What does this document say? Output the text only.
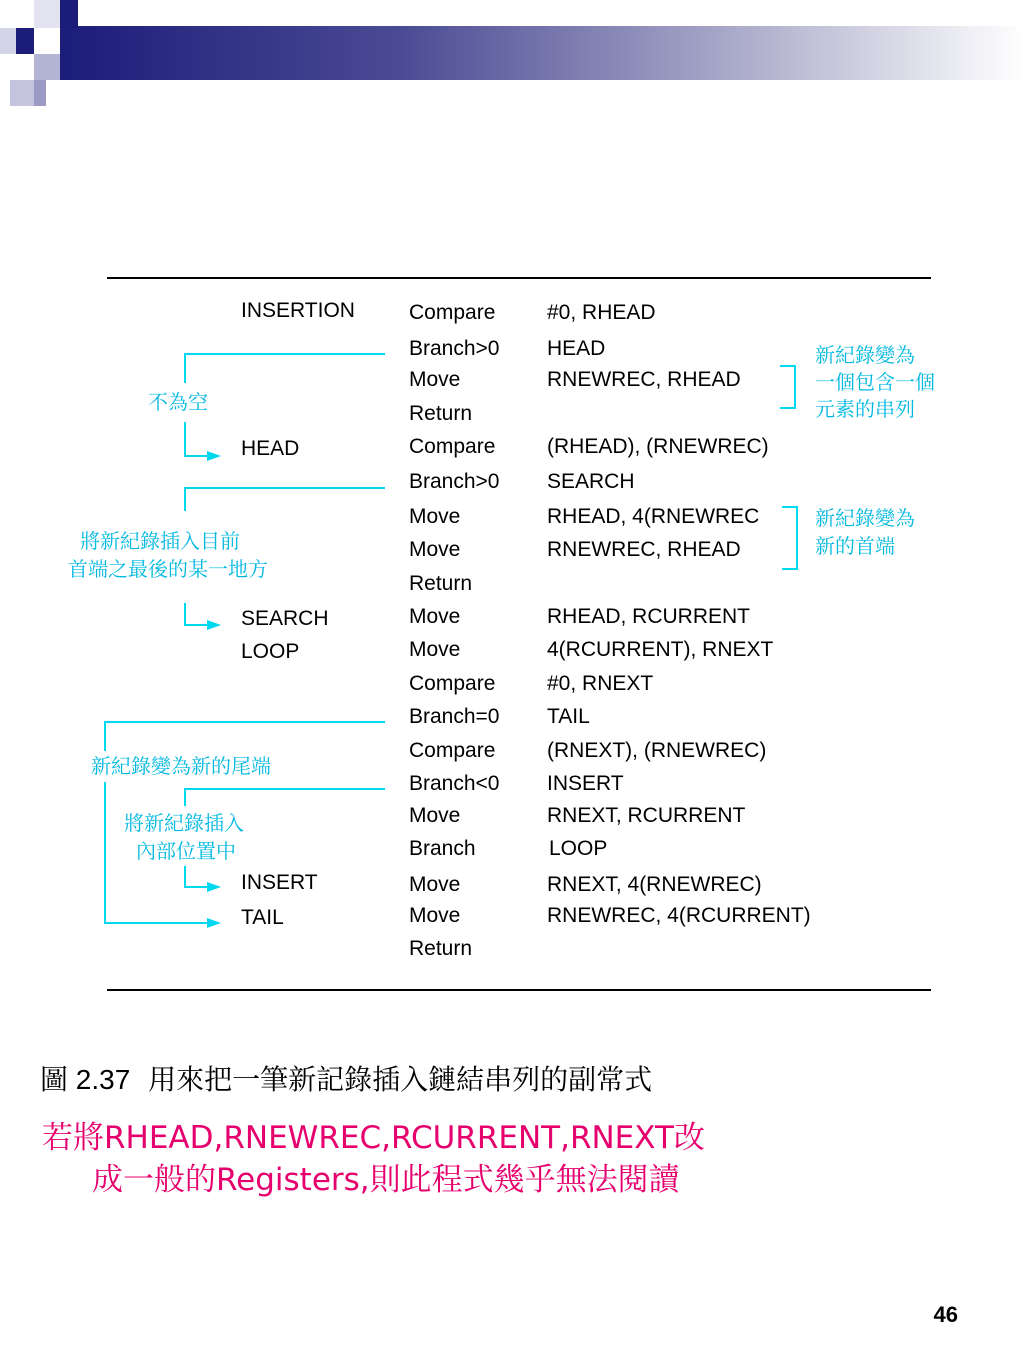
INSERTION	Compare #0, RHEAD
Branch>0 HEAD
Move	RNEWREC, RHEAD
Return
HEAD	Compare (RHEAD), (RNEWREC)
Branch>0 SEARCH
Move	RHEAD, 4(RNEWREC
Move	RNEWREC, RHEAD
Return
SEARCH	Move	RHEAD, RCURRENT
LOOP	Move	4(RCURRENT), RNEXT
Compare #0, RNEXT
Branch=0 TAIL
Compare (RNEXT), (RNEWREC)
Branch<0 INSERT
Move	RNEXT, RCURRENT
Branch	LOOP
INSERT	Move	RNEXT, 4(RNEWREC)
TAIL	Move	RNEWREC, 4(RCURRENT)
Return
不為空
將新紀錄插入目前
首端之最後的某一地方
新紀錄變為新的尾端
將新紀錄插入
內部位置中
新紀錄變為
一個包含一個
元素的串列
新紀錄變為
新的首端
圖 2.37 用來把一筆新記錄插入鏈結串列的副常式
若將RHEAD,RNEWREC,RCURRENT,RNEXT改
成一般的Registers,則此程式幾乎無法閱讀
46
